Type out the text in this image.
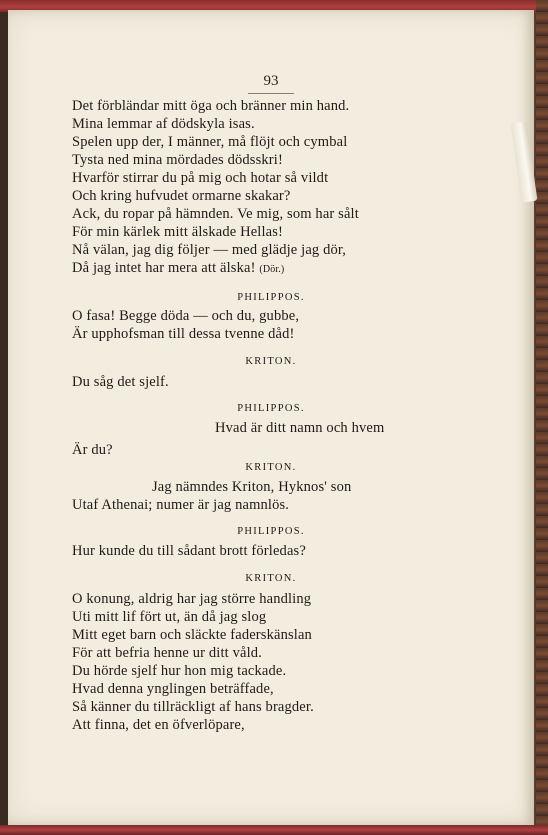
93
Det förbländar mitt öga och bränner min hand.
Mina lemmar af dödskyla isas.
Spelen upp der, I männer, må flöjt och cymbal
Tysta ned mina mördades dödsskri!
Hvarför stirrar du på mig och hotar så vildt
Och kring hufvudet ormarne skakar?
Ack, du ropar på hämnden. Ve mig, som har sålt
För min kärlek mitt älskade Hellas!
Nå välan, jag dig följer — med glädje jag dör,
Då jag intet har mera att älska! (Dör.)
PHILIPPOS.
O fasa! Begge döda — och du, gubbe,
Är upphofsman till dessa tvenne dåd!
KRITON.
Du såg det sjelf.
PHILIPPOS.
Hvad är ditt namn och hvem
Är du?
KRITON.
Jag nämndes Kriton, Hyknos' son
Utaf Athenai; numer är jag namnlös.
PHILIPPOS.
Hur kunde du till sådant brott förledas?
KRITON.
O konung, aldrig har jag större handling
Uti mitt lif fört ut, än då jag slog
Mitt eget barn och släckte faderskänslan
För att befria henne ur ditt våld.
Du hörde sjelf hur hon mig tackade.
Hvad denna ynglingen beträffade,
Så känner du tillräckligt af hans bragder.
Att finna, det en öfverlöpare,
